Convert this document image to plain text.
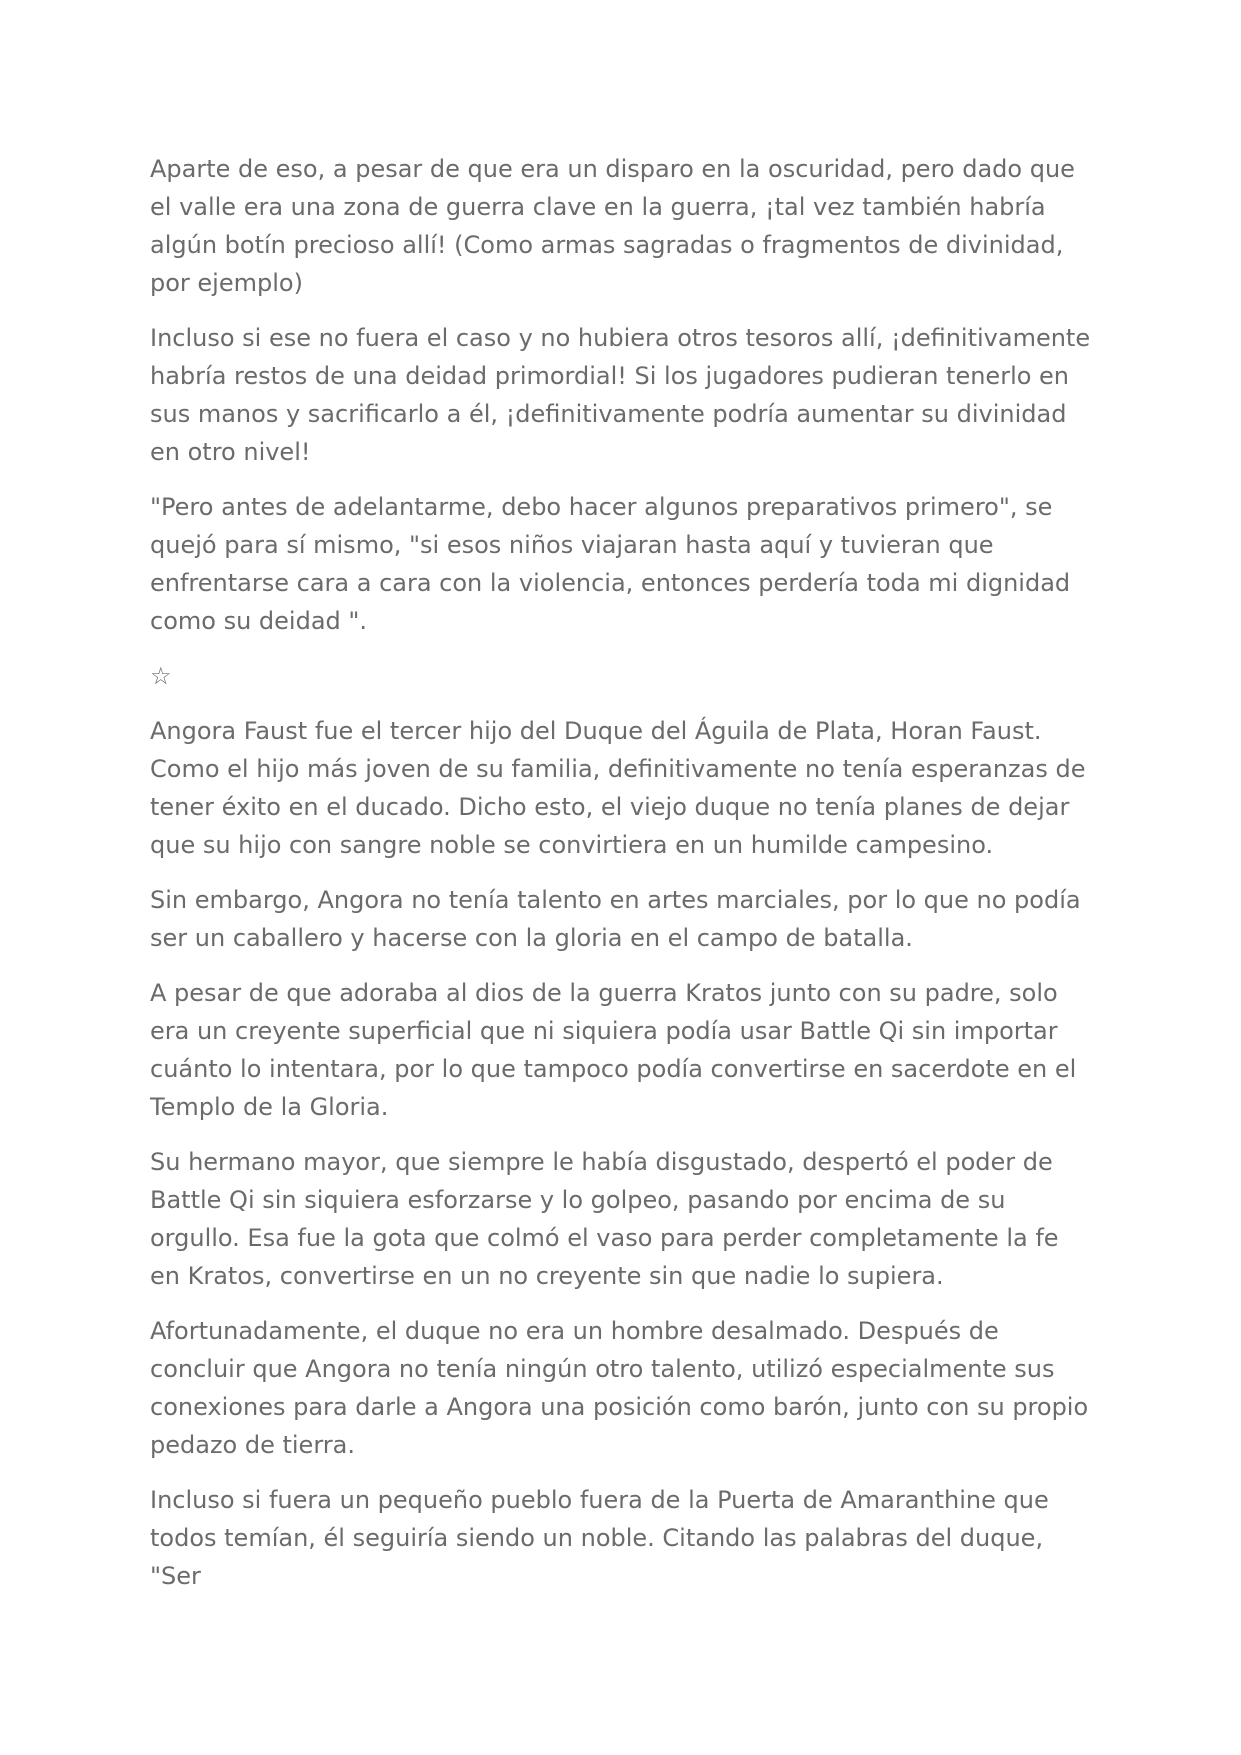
Aparte de eso, a pesar de que era un disparo en la oscuridad, pero dado que el valle era una zona de guerra clave en la guerra, ¡tal vez también habría algún botín precioso allí! (Como armas sagradas o fragmentos de divinidad, por ejemplo)

Incluso si ese no fuera el caso y no hubiera otros tesoros allí, ¡definitivamente habría restos de una deidad primordial! Si los jugadores pudieran tenerlo en sus manos y sacrificarlo a él, ¡definitivamente podría aumentar su divinidad en otro nivel!

"Pero antes de adelantarme, debo hacer algunos preparativos primero", se quejó para sí mismo, "si esos niños viajaran hasta aquí y tuvieran que enfrentarse cara a cara con la violencia, entonces perdería toda mi dignidad como su deidad ".

☆

Angora Faust fue el tercer hijo del Duque del Águila de Plata, Horan Faust. Como el hijo más joven de su familia, definitivamente no tenía esperanzas de tener éxito en el ducado. Dicho esto, el viejo duque no tenía planes de dejar que su hijo con sangre noble se convirtiera en un humilde campesino.

Sin embargo, Angora no tenía talento en artes marciales, por lo que no podía ser un caballero y hacerse con la gloria en el campo de batalla.

A pesar de que adoraba al dios de la guerra Kratos junto con su padre, solo era un creyente superficial que ni siquiera podía usar Battle Qi sin importar cuánto lo intentara, por lo que tampoco podía convertirse en sacerdote en el Templo de la Gloria.

Su hermano mayor, que siempre le había disgustado, despertó el poder de Battle Qi sin siquiera esforzarse y lo golpeo, pasando por encima de su orgullo. Esa fue la gota que colmó el vaso para perder completamente la fe en Kratos, convertirse en un no creyente sin que nadie lo supiera.

Afortunadamente, el duque no era un hombre desalmado. Después de concluir que Angora no tenía ningún otro talento, utilizó especialmente sus conexiones para darle a Angora una posición como barón, junto con su propio pedazo de tierra.

Incluso si fuera un pequeño pueblo fuera de la Puerta de Amaranthine que todos temían, él seguiría siendo un noble. Citando las palabras del duque, "Ser
